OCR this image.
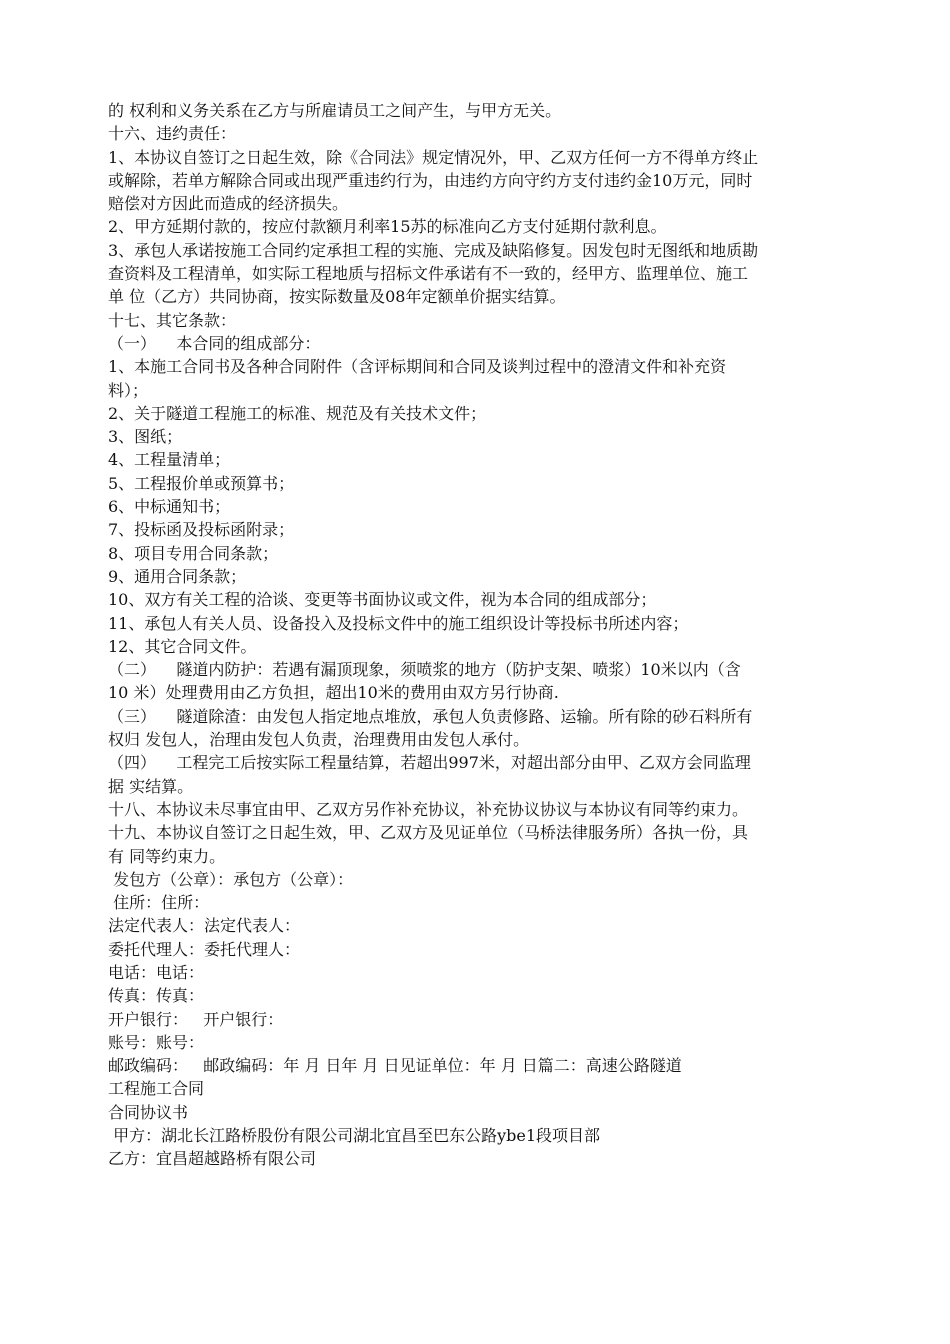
的 权利和义务关系在乙方与所雇请员工之间产生，与甲方无关。

十六、违约责任：

1、本协议自签订之日起生效，除《合同法》规定情况外，甲、乙双方任何一方不得单方终止

或解除，若单方解除合同或出现严重违约行为，由违约方向守约方支付违约金10万元，同时

赔偿对方因此而造成的经济损失。

2、甲方延期付款的，按应付款额月利率15苏的标准向乙方支付延期付款利息。

3、承包人承诺按施工合同约定承担工程的实施、完成及缺陷修复。因发包时无图纸和地质勘

查资料及工程清单，如实际工程地质与招标文件承诺有不一致的，经甲方、监理单位、施工

单 位（乙方）共同协商，按实际数量及08年定额单价据实结算。

十七、其它条款：

（一）    本合同的组成部分：

1、本施工合同书及各种合同附件（含评标期间和合同及谈判过程中的澄清文件和补充资

料）；

2、关于隧道工程施工的标准、规范及有关技术文件；

3、图纸；

4、工程量清单；

5、工程报价单或预算书；

6、中标通知书；

7、投标函及投标函附录；

8、项目专用合同条款；

9、通用合同条款；

10、双方有关工程的洽谈、变更等书面协议或文件，视为本合同的组成部分；

11、承包人有关人员、设备投入及投标文件中的施工组织设计等投标书所述内容；

12、其它合同文件。

（二）    隧道内防护：若遇有漏顶现象，须喷浆的地方（防护支架、喷浆）10米以内（含

10 米）处理费用由乙方负担，超出10米的费用由双方另行协商.

（三）    隧道除渣：由发包人指定地点堆放，承包人负责修路、运输。所有除的砂石料所有

权归 发包人，治理由发包人负责，治理费用由发包人承付。

（四）    工程完工后按实际工程量结算，若超出997米，对超出部分由甲、乙双方会同监理

据 实结算。

十八、本协议未尽事宜由甲、乙双方另作补充协议，补充协议协议与本协议有同等约束力。

十九、本协议自签订之日起生效，甲、乙双方及见证单位（马桥法律服务所）各执一份，具

有 同等约束力。

发包方（公章）：承包方（公章）：

住所：住所：

法定代表人：法定代表人：

委托代理人：委托代理人：

电话：电话：

传真：传真：

开户银行：   开户银行：

账号：账号：

邮政编码：   邮政编码：年 月 日年 月 日见证单位：年 月 日篇二：高速公路隧道

工程施工合同

合同协议书

甲方：湖北长江路桥股份有限公司湖北宜昌至巴东公路ybe1段项目部

乙方：宜昌超越路桥有限公司
